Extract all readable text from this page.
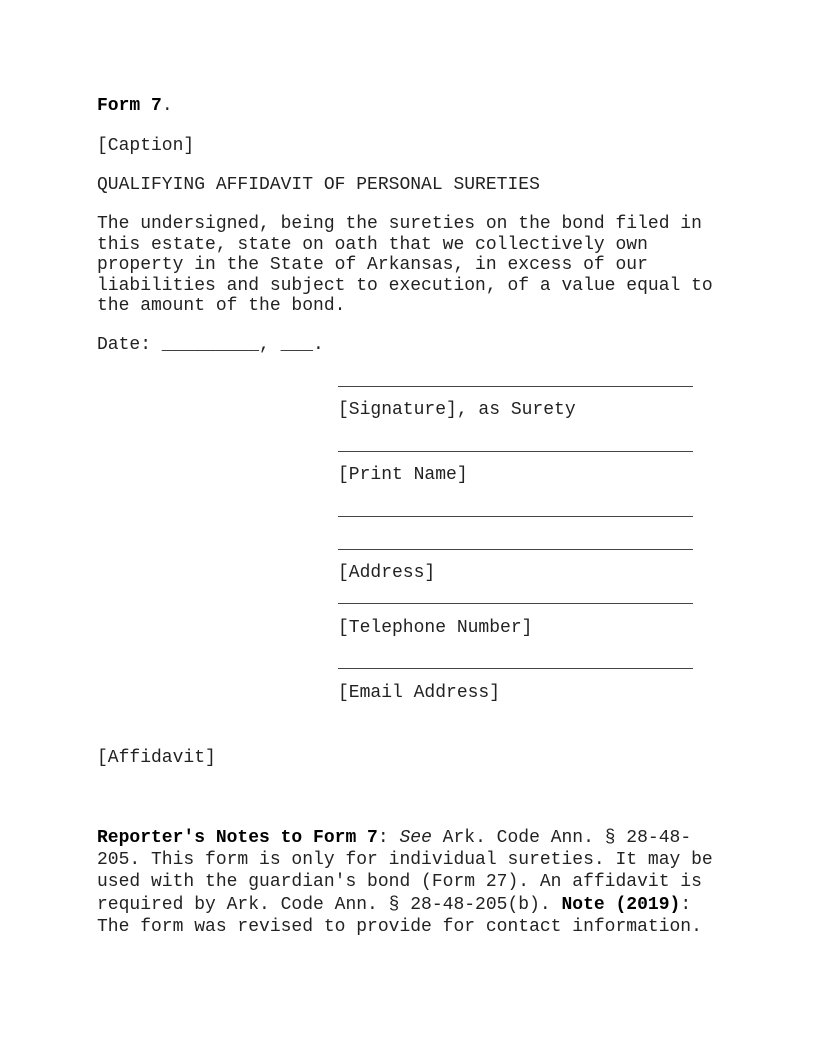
Form 7.
[Caption]
QUALIFYING AFFIDAVIT OF PERSONAL SURETIES
The undersigned, being the sureties on the bond filed in
this estate, state on oath that we collectively own
property in the State of Arkansas, in excess of our
liabilities and subject to execution, of a value equal to
the amount of the bond.
Date: _________, ___.
[Signature], as Surety
[Print Name]
[Address]
[Telephone Number]
[Email Address]
[Affidavit]
Reporter's Notes to Form 7: See Ark. Code Ann. § 28-48-205. This form is only for individual sureties. It may be used with the guardian's bond (Form 27). An affidavit is required by Ark. Code Ann. § 28-48-205(b). Note (2019): The form was revised to provide for contact information.
